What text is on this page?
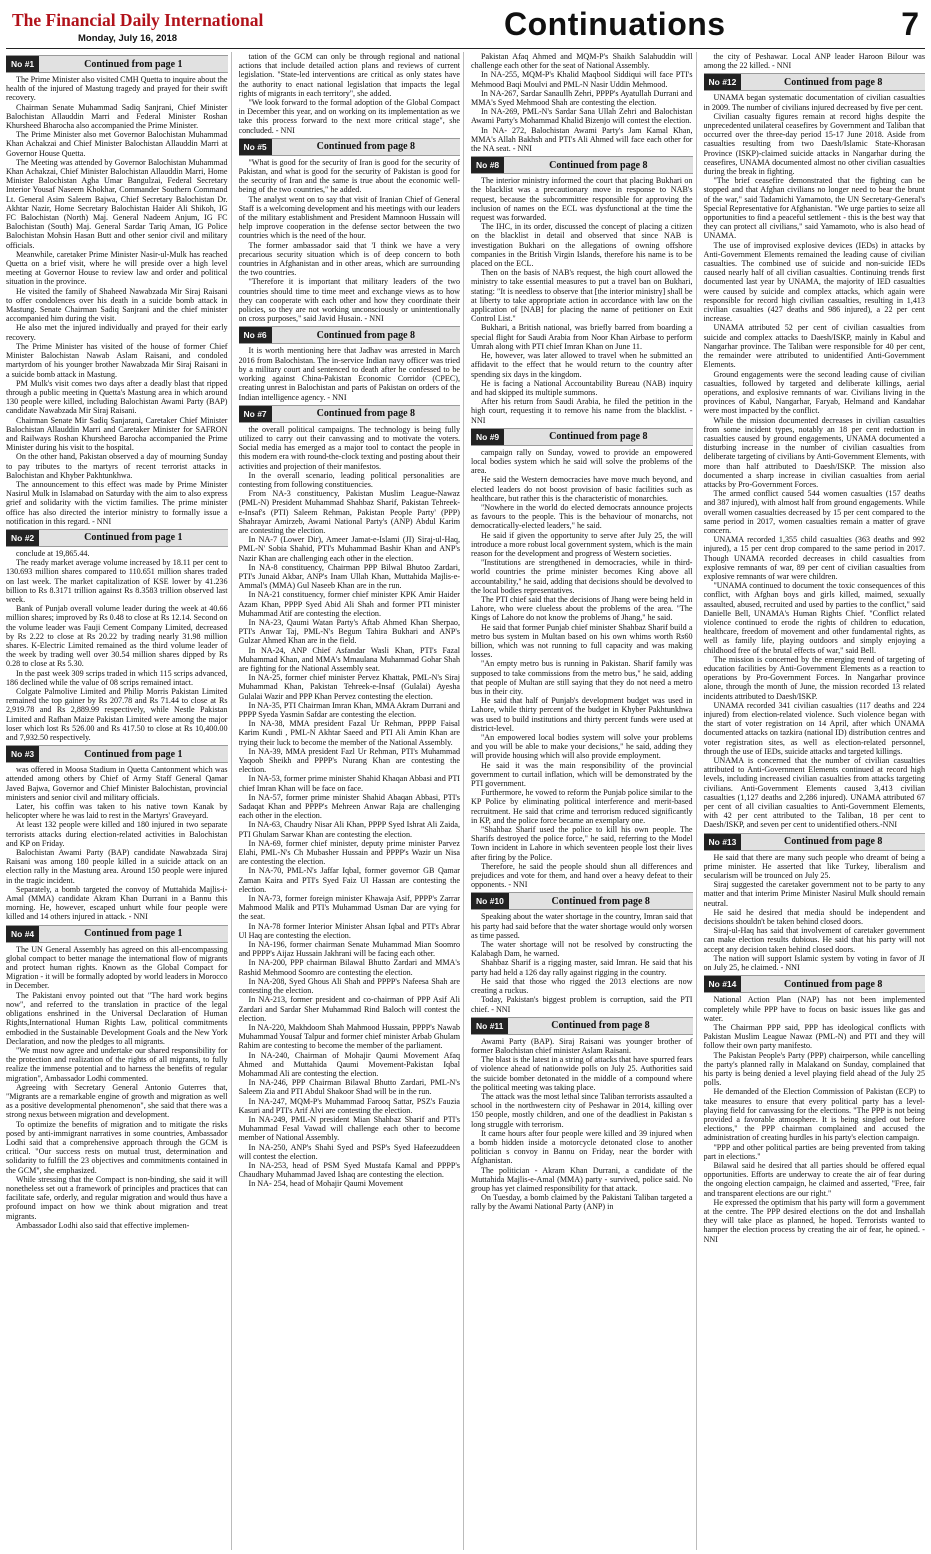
The Financial Daily International
Monday, July 16, 2018	Continuations	7
No #1	Continued from page 1

The Prime Minister also visited CMH Quetta to inquire about the health of the injured of Mastung tragedy and prayed for their swift recovery.

Chairman Senate Muhammad Sadiq Sanjrani, Chief Minister Balochistan Allauddin Marri and Federal Minister Roshan Khursheed Bharocha also accompanied the Prime Minister.

The Prime Minister also met Governor Balochistan Muhammad Khan Achakzai and Chief Minister Balochistan Allauddin Marri at Governor House Quetta.

The Meeting was attended by Governor Balochistan Muhammad Khan Achakzai, Chief Minister Balochistan Allauddin Marri, Home Minister Balochistan Agha Umar Bangulzai, Federal Secretary Interior Yousaf Naseem Khokhar, Commander Southern Command Lt. General Asim Saleem Bajwa, Chief Secretary Balochistan Dr. Akhtar Nazir, Home Secretary Balochistan Haider Ali Shikoh, IG FC Balochistan (North) Maj. General Nadeem Anjum, IG FC Balochistan (South) Maj. General Sardar Tariq Aman, IG Police Balochistan Mohsin Hasan Butt and other senior civil and military officials.

Meanwhile, caretaker Prime Minister Nasir-ul-Mulk has reached Quetta on a brief visit, where he will preside over a high level meeting at Governor House to review law and order and political situation in the province.

He visited the family of Shaheed Nawabzada Mir Siraj Raisani to offer condolences over his death in a suicide bomb attack in Mastung. Senate Chairman Sadiq Sanjrani and the chief minister accompanied him during the visit.

He also met the injured individually and prayed for their early recovery.

The Prime Minister has visited of the house of former Chief Minister Balochistan Nawab Aslam Raisani, and condoled martyrdom of his younger brother Nawabzada Mir Siraj Raisani in a suicide bomb attack in Mastung.

PM Mulk's visit comes two days after a deadly blast that ripped through a public meeting in Quetta's Mastung area in which around 130 people were killed, including Balochistan Awami Party (BAP) candidate Nawabzada Mir Siraj Raisani.

Chairman Senate Mir Sadiq Sanjarani, Caretaker Chief Minister Balochistan Allauddin Marri and Caretaker Minister for SAFRON and Railways Roshan Khursheed Barocha accompanied the Prime Minister during his visit to the hospital.

On the other hand, Pakistan observed a day of mourning Sunday to pay tributes to the martyrs of recent terrorist attacks in Balochistan and Khyber Pakhtunkhwa.

The announcement to this effect was made by Prime Minister Nasirul Mulk in Islamabad on Saturday with the aim to also express grief and solidarity with the victim families. The prime minister office has also directed the interior ministry to formally issue a notification in this regard. - NNI

No #2	Continued from page 1

conclude at 19,865.44.

The ready market average volume increased by 18.11 per cent to 130.693 million shares compared to 110.651 million shares traded on last week. The market capitalization of KSE lower by 41.236 billion to Rs 8.3171 trillion against Rs 8.3583 trillion observed last week.

Bank of Punjab overall volume leader during the week at 40.66 million shares; improved by Rs 0.48 to close at Rs 12.14. Second on the volume leader was Fauji Cement Company Limited, decreased by Rs 2.22 to close at Rs 20.22 by trading nearly 31.98 million shares. K-Electric Limited remained as the third volume leader of the week by trading well over 30.54 million shares dipped by Rs 0.28 to close at Rs 5.30.

In the past week 309 scrips traded in which 115 scrips advanced, 186 declined while the value of 08 scrips remained intact.

Colgate Palmolive Limited and Philip Morris Pakistan Limited remained the top gainer by Rs 207.78 and Rs 71.44 to close at Rs 2,919.78 and Rs 2,889.99 respectively, while Nestle Pakistan Limited and Rafhan Maize Pakistan Limited were among the major loser which lost Rs 526.00 and Rs 417.50 to close at Rs 10,400.00 and 7,932.50 respectively.

No #3	Continued from page 1

was offered in Moosa Stadium in Quetta Cantonment which was attended among others by Chief of Army Staff General Qamar Javed Bajwa, Governor and Chief Minister Balochistan, provincial ministers and senior civil and military officials.

Later, his coffin was taken to his native town Kanak by helicopter where he was laid to rest in the Martyrs' Graveyard.

At least 132 people were killed and 180 injured in two separate terrorists attacks during election-related activities in Balochistan and KP on Friday.

Balochistan Awami Party (BAP) candidate Nawabzada Siraj Raisani was among 180 people killed in a suicide attack on an election rally in the Mastung area. Around 150 people were injured in the tragic incident.

Separately, a bomb targeted the convoy of Muttahida Majlis-i-Amal (MMA) candidate Akram Khan Durrani in a Bannu this morning. He, however, escaped unhurt while four people were killed and 14 others injured in attack. - NNI

No #4	Continued from page 1

The UN General Assembly has agreed on this all-encompassing global compact to better manage the international flow of migrants and protect human rights. Known as the Global Compact for Migration - it will be formally adopted by world leaders in Morocco in December.

The Pakistani envoy pointed out that "The hard work begins now", and referred to the translation in practice of the legal obligations enshrined in the Universal Declaration of Human Rights,International Human Rights Law, political commitments embodied in the Sustainable Development Goals and the New York Declaration, and now the pledges to all migrants.

"We must now agree and undertake our shared responsibility for the protection and realization of the rights of all migrants, to fully realize the immense potential and to harness the benefits of regular migration", Ambassador Lodhi commented.

Agreeing with Secretary General Antonio Guterres that, "Migrants are a remarkable engine of growth and migration as well as a positive developmental phenomenon", she said that there was a strong nexus between migration and development.

To optimize the benefits of migration and to mitigate the risks posed by anti-immigrant narratives in some countries, Ambassador Lodhi said that a comprehensive approach through the GCM is critical. "Our success rests on mutual trust, determination and solidarity to fulfill the 23 objectives and commitments contained in the GCM", she emphasized.

While stressing that the Compact is non-binding, she said it will nonetheless set out a framework of principles and practices that can facilitate safe, orderly, and regular migration and would thus have a profound impact on how we think about migration and treat migrants.

Ambassador Lodhi also said that effective implemen-

tation of the GCM can only be through regional and national actions that include detailed action plans and reviews of current legislation. "State-led interventions are critical as only states have the authority to enact national legislation that impacts the legal rights of migrants in each territory", she added.

"We look forward to the formal adoption of the Global Compact in December this year, and on working on its implementation as we take this process forward to the next more critical stage", she concluded. - NNI

No #5	Continued from page 8

"What is good for the security of Iran is good for the security of Pakistan, and what is good for the security of Pakistan is good for the security of Iran and the same is true about the economic well-being of the two countries," he added.

The analyst went on to say that visit of Iranian Chief of General Staff is a welcoming development and his meetings with our leaders of the military establishment and President Mamnoon Hussain will help improve cooperation in the defense sector between the two countries which is the need of the hour.

The former ambassador said that 'I think we have a very precarious security situation which is of deep concern to both countries in Afghanistan and in other areas, which are surrounding the two countries.

"Therefore it is important that military leaders of the two countries should time to time meet and exchange views as to how they can cooperate with each other and how they coordinate their policies, so they are not working unconsciously or unintentionally on cross purposes," said Javid Husain. - NNI

No #6	Continued from page 8

It is worth mentioning here that Jadhav was arrested in March 2016 from Balochistan. The in-service Indian navy officer was tried by a military court and sentenced to death after he confessed to be working against China-Pakistan Economic Corridor (CPEC), creating unrest in Balochistan and parts of Pakistan on orders of the Indian intelligence agency. - NNI

No #7	Continued from page 8

the overall political campaigns. The technology is being fully utilized to carry out their canvassing and to motivate the voters. Social media has emerged as a major tool to contact the people in this modern era with round-the-clock texting and posting about their activities and projection of their manifestos.

In the overall scenario, leading political personalities are contesting from following constituencies.

From NA-3 constituency, Pakistan Muslim League-Nawaz (PML-N) President Muhammad Shahbaz Sharif, Pakistan Tehreek-e-Insaf's (PTI) Saleem Rehman, Pakistan People Party' (PPP) Shahrayar Amirzeb, Awami National Party's (ANP) Abdul Karim are contesting the election.

In NA-7 (Lower Dir), Ameer Jamat-e-Islami (JI) Siraj-ul-Haq, PML-N' Sobia Shahid, PTI's Muhammad Bashir Khan and ANP's Nazir Khan are challenging each other in the election.

In NA-8 constituency, Chairman PPP Bilwal Bhutoo Zardari, PTI's Junaid Akbar, ANP's Inam Ullah Khan, Muttahida Majlis-e-Ammal's (MMA) Gul Naseeb Khan are in the run.

In NA-21 constituency, former chief minister KPK Amir Haider Azam Khan, PPPP Syed Abid Ali Shah and former PTI minister Muhammad Atif are contesting the election.

In NA-23, Qaumi Watan Party's Aftab Ahmed Khan Sherpao, PTI's Anwar Taj, PML-N's Begum Tahira Bukhari and ANP's Gulzar Ahmed Khan are in the field.

In NA-24, ANP Chief Asfandar Wasli Khan, PTI's Fazal Muhammad Khan, and MMA's Mmaulana Muhammad Gohar Shah are fighting for the National Assembly seat.

In NA-25, former chief minister Pervez Khattak, PML-N's Siraj Muhammad Khan, Pakistan Tehreek-e-Insaf (Gulalai) Ayesha Gulalai Wazir and PPP Khan Pervez contesting the election.

In NA-35, PTI Chairman Imran Khan, MMA Akram Durrani and PPPP Syeda Yasmin Safdar are contesting the election.

In NA-38, MMA president Fazal Ur Rehman, PPPP Faisal Karim Kundi , PML-N Akhtar Saeed and PTI Ali Amin Khan are trying their luck to become the member of the National Assembly.

In NA-39, MMA president Fazl Ur Rehman, PTI's Muhammad Yaqoob Sheikh and PPPP's Nurang Khan are contesting the election.

In NA-53, former prime minister Shahid Khaqan Abbasi and PTI chief Imran Khan will be face on face.

In NA-57, former prime minister Shahid Abaqan Abbasi, PTI's Sadaqat Khan and PPPP's Mehreen Anwar Raja are challenging each other in the election.

In NA-63, Chaudry Nisar Ali Khan, PPPP Syed Ishrat Ali Zaida, PTI Ghulam Sarwar Khan are contesting the election.

In NA-69, former chief minister, deputy prime minister Parvez Elahi, PML-N's Ch Mubasher Hussain and PPPP's Wazir un Nisa are contesting the election.

In NA-70, PML-N's Jaffar Iqbal, former governor GB Qamar Zaman Kaira and PTI's Syed Faiz Ul Hassan are contesting the election.

In NA-73, former foreign minister Khawaja Asif, PPPP's Zarrar Mahmood Malik and PTI's Muhammad Usman Dar are vying for the seat.

In NA-78 former Interior Minister Ahsan Iqbal and PTI's Abrar Ul Haq are contesting the election.

In NA-196, former chairman Senate Muhammad Mian Soomro and PPPP's Aijaz Hussain Jakhrani will be facing each other.

In NA-200, PPP chairman Bilawal Bhutto Zardari and MMA's Rashid Mehmood Soomro are contesting the election.

In NA-208, Syed Ghous Ali Shah and PPPP's Nafeesa Shah are contesting the election.

In NA-213, former president and co-chairman of PPP Asif Ali Zardari and Sardar Sher Muhammad Rind Baloch will contest the election.

In NA-220, Makhdoom Shah Mahmood Hussain, PPPP's Nawab Muhammad Yousaf Talpur and former chief minister Arbab Ghulam Rahim are contesting to become the member of the parliament.

In NA-240, Chairman of Mohajir Qaumi Movement Afaq Ahmed and Muttahida Qaumi Movement-Pakistan Iqbal Mohammad Ali are contesting the election.

In NA-246, PPP Chairman Bilawal Bhutto Zardari, PML-N's Saleem Zia and PTI Abdul Shakoor Shad will be in the run.

In NA-247, MQM-P's Muhammad Farooq Sattar, PSZ's Fauzia Kasuri and PTI's Arif Alvi are contesting the election.

In NA-249, PML-N president Mian Shahbaz Sharif and PTI's Muhammad Fesal Vawad will challenge each other to become member of National Assembly.

In NA-250, ANP's Shahi Syed and PSP's Syed Hafeezuddeen will contest the election.

In NA-253, head of PSM Syed Mustafa Kamal and PPPP's Chaudhary Muhammad Javed Ishaq are contesting the election.

In NA- 254, head of Mohajir Qaumi Movement

Pakistan Afaq Ahmed and MQM-P's Shaikh Salahuddin will challenge each other for the seat of National Assembly.

In NA-255, MQM-P's Khalid Maqbool Siddiqui will face PTI's Mehmood Baqi Moulvi and PML-N Nasir Uddin Mehmood.

In NA-267, Sardar Sanaullh Zehri, PPPP's Ayatullah Durrani and MMA's Syed Mehmood Shah are contesting the election.

In NA-269, PML-N's Sardar Sana Ullah Zehri and Balochistan Awami Party's Mohammad Khalid Bizenjo will contest the election.

In NA- 272, Balochistan Awami Party's Jam Kamal Khan, MMA's Allah Bakhsh and PTI's Ali Ahmed will face each other for the NA seat. - NNI

No #8	Continued from page 8

The interior ministry informed the court that placing Bukhari on the blacklist was a precautionary move in response to NAB's request, because the subcommittee responsible for approving the inclusion of names on the ECL was dysfunctional at the time the request was forwarded.

The IHC, in its order, discussed the concept of placing a citizen on the blacklist in detail and observed that since NAB is investigation Bukhari on the allegations of owning offshore companies in the British Virgin Islands, therefore his name is to be placed on the ECL.

Then on the basis of NAB's request, the high court allowed the ministry to take essential measures to put a travel ban on Bukhari, stating: "It is needless to observe that [the interior ministry] shall be at liberty to take appropriate action in accordance with law on the application of [NAB] for placing the name of petitioner on Exit Control List."

Bukhari, a British national, was briefly barred from boarding a special flight for Saudi Arabia from Noor Khan Airbase to perform Umrah along with PTI chief Imran Khan on June 11.

He, however, was later allowed to travel when he submitted an affidavit to the effect that he would return to the country after spending six days in the kingdom.

He is facing a National Accountability Bureau (NAB) inquiry and had skipped its multiple summons.

After his return from Saudi Arabia, he filed the petition in the high court, requesting it to remove his name from the blacklist. - NNI

No #9	Continued from page 8

campaign rally on Sunday, vowed to provide an empowered local bodies system which he said will solve the problems of the area.

He said the Western democracies have move much beyond, and elected leaders do not boost provision of basic facilities such as healthcare, but rather this is the characteristic of monarchies.

"Nowhere in the world do elected democrats announce projects as favours to the people. This is the behaviour of monarchs, not democratically-elected leaders," he said.

He said if given the opportunity to serve after July 25, the will introduce a more robust local government system, which is the main reason for the development and progress of Western societies.

"Institutions are strengthened in democracies, while in third-world countries the prime minister becomes King above all accountability," he said, adding that decisions should be devolved to the local bodies representatives.

The PTI chief said that the decisions of Jhang were being held in Lahore, who were clueless about the problems of the area. "The Kings of Lahore do not know the problems of Jhang," he said.

He said that former Punjab chief minister Shahbaz Sharif build a metro bus system in Multan based on his own whims worth Rs60 billion, which was not running to full capacity and was making losses.

"An empty metro bus is running in Pakistan. Sharif family was supposed to take commissions from the metro bus," he said, adding that people of Multan are still saying that they do not need a metro bus in their city.

He said that half of Punjab's development budget was used in Lahore, while thirty percent of the budget in Khyber Pakhtunkhwa was used to build institutions and thirty percent funds were used at district-level.

"An empowered local bodies system will solve your problems and you will be able to make your decisions," he said, adding they will provide housing which will also provide employment.

He said it was the main responsibility of the provincial government to curtail inflation, which will be demonstrated by the PTI government.

Furthermore, he vowed to reform the Punjab police similar to the KP Police by eliminating political interference and merit-based recruitment. He said that crime and terrorism reduced significantly in KP, and the police force became an exemplary one.

"Shahbaz Sharif used the police to kill his own people. The Sharifs destroyed the police force," he said, referring to the Model Town incident in Lahore in which seventeen people lost their lives after firing by the Police.

Therefore, he said the people should shun all differences and prejudices and vote for them, and hand over a heavy defeat to their opponents. - NNI

No #10	Continued from page 8

Speaking about the water shortage in the country, Imran said that his party had said before that the water shortage would only worsen as time passed.

The water shortage will not be resolved by constructing the Kalabagh Dam, he warned.

Shahbaz Sharif is a rigging master, said Imran. He said that his party had held a 126 day rally against rigging in the country.

He said that those who rigged the 2013 elections are now creating a ruckus.

Today, Pakistan's biggest problem is corruption, said the PTI chief. - NNI

No #11	Continued from page 8

Awami Party (BAP). Siraj Raisani was younger brother of former Balochistan chief minister Aslam Raisani.

The blast is the latest in a string of attacks that have spurred fears of violence ahead of nationwide polls on July 25. Authorities said the suicide bomber detonated in the middle of a compound where the political meeting was taking place.

The attack was the most lethal since Taliban terrorists assaulted a school in the northwestern city of Peshawar in 2014, killing over 150 people, mostly children, and one of the deadliest in Pakistan s long struggle with terrorism.

It came hours after four people were killed and 39 injured when a bomb hidden inside a motorcycle detonated close to another politician s convoy in Bannu on Friday, near the border with Afghanistan.

The politician - Akram Khan Durrani, a candidate of the Muttahida Majlis-e-Amal (MMA) party - survived, police said. No group has yet claimed responsibility for that attack.

On Tuesday, a bomb claimed by the Pakistani Taliban targeted a rally by the Awami National Party (ANP) in

the city of Peshawar. Local ANP leader Haroon Bilour was among the 22 killed. - NNI

No #12	Continued from page 8

UNAMA began systematic documentation of civilian casualties in 2009. The number of civilians injured decreased by five per cent.

Civilian casualty figures remain at record highs despite the unprecedented unilateral ceasefires by Government and Taliban that occurred over the three-day period 15-17 June 2018. Aside from casualties resulting from two Daesh/Islamic State-Khorasan Province (ISKP)-claimed suicide attacks in Nangarhar during the ceasefires, UNAMA documented almost no other civilian casualties during the break in fighting.

"The brief ceasefire demonstrated that the fighting can be stopped and that Afghan civilians no longer need to bear the brunt of the war," said Tadamichi Yamamoto, the UN Secretary-General's Special Representative for Afghanistan. "We urge parties to seize all opportunities to find a peaceful settlement - this is the best way that they can protect all civilians," said Yamamoto, who is also head of UNAMA.

The use of improvised explosive devices (IEDs) in attacks by Anti-Government Elements remained the leading cause of civilian casualties. The combined use of suicide and non-suicide IEDs caused nearly half of all civilian casualties. Continuing trends first documented last year by UNAMA, the majority of IED casualties were caused by suicide and complex attacks, which again were responsible for record high civilian casualties, resulting in 1,413 civilian casualties (427 deaths and 986 injured), a 22 per cent increase.

UNAMA attributed 52 per cent of civilian casualties from suicide and complex attacks to Daesh/ISKP, mainly in Kabul and Nangarhar province. The Taliban were responsible for 40 per cent, the remainder were attributed to unidentified Anti-Government Elements.

Ground engagements were the second leading cause of civilian casualties, followed by targeted and deliberate killings, aerial operations, and explosive remnants of war. Civilians living in the provinces of Kabul, Nangarhar, Faryab, Helmand and Kandahar were most impacted by the conflict.

While the mission documented decreases in civilian casualties from some incident types, notably an 18 per cent reduction in casualties caused by ground engagements, UNAMA documented a disturbing increase in the number of civilian casualties from deliberate targeting of civilians by Anti-Government Elements, with more than half attributed to Daesh/ISKP. The mission also documented a sharp increase in civilian casualties from aerial attacks by Pro-Government Forces.

The armed conflict caused 544 women casualties (157 deaths and 387 injured), with almost half from ground engagements. While overall women casualties decreased by 15 per cent compared to the same period in 2017, women casualties remain a matter of grave concern.

UNAMA recorded 1,355 child casualties (363 deaths and 992 injured), a 15 per cent drop compared to the same period in 2017. Though UNAMA recorded decreases in child casualties from explosive remnants of war, 89 per cent of civilian casualties from explosive remnants of war were children.

"UNAMA continued to document the toxic consequences of this conflict, with Afghan boys and girls killed, maimed, sexually assaulted, abused, recruited and used by parties to the conflict," said Danielle Bell, UNAMA's Human Rights Chief. "Conflict related violence continued to erode the rights of children to education, healthcare, freedom of movement and other fundamental rights, as well as family life, playing outdoors and simply enjoying a childhood free of the brutal effects of war," said Bell.

The mission is concerned by the emerging trend of targeting of education facilities by Anti-Government Elements as a reaction to operations by Pro-Government Forces. In Nangarhar province alone, through the month of June, the mission recorded 13 related incidents attributed to Daesh/ISKP.

UNAMA recorded 341 civilian casualties (117 deaths and 224 injured) from election-related violence. Such violence began with the start of voter registration on 14 April, after which UNAMA documented attacks on tazkira (national ID) distribution centres and voter registration sites, as well as election-related personnel, through the use of IEDs, suicide attacks and targeted killings.

UNAMA is concerned that the number of civilian casualties attributed to Anti-Government Elements continued at record high levels, including increased civilian casualties from attacks targeting civilians. Anti-Government Elements caused 3,413 civilian casualties (1,127 deaths and 2,286 injured). UNAMA attributed 67 per cent of all civilian casualties to Anti-Government Elements, with 42 per cent attributed to the Taliban, 18 per cent to Daesh/ISKP, and seven per cent to unidentified others.-NNI

No #13	Continued from page 8

He said that there are many such people who dreamt of being a prime minister. He asserted that like Turkey, liberalism and secularism will be trounced on July 25.

Siraj suggested the caretaker government not to be party to any matter and that interim Prime Minister Nasirul Mulk should remain neutral.

He said he desired that media should be independent and decisions shouldn't be taken behind closed doors.

Siraj-ul-Haq has said that involvement of caretaker government can make election results dubious. He said that his party will not accept any decision taken behind closed doors.

The nation will support Islamic system by voting in favor of JI on July 25, he claimed. - NNI

No #14	Continued from page 8

National Action Plan (NAP) has not been implemented completely while PPP have to focus on basic issues like gas and water.

The Chairman PPP said, PPP has ideological conflicts with Pakistan Muslim League Nawaz (PML-N) and PTI and they will follow their own party manifesto.

The Pakistan People's Party (PPP) chairperson, while cancelling the party's planned rally in Malakand on Sunday, complained that his party is being denied a level playing field ahead of the July 25 polls.

He demanded of the Election Commission of Pakistan (ECP) to take measures to ensure that every political party has a level-playing field for canvassing for the elections. "The PPP is not being provided a favorable atmosphere. It is being singled out before elections," the PPP chairman complained and accused the administration of creating hurdles in his party's election campaign.

"PPP and other political parties are being prevented from taking part in elections."

Bilawal said he desired that all parties should be offered equal opportunities. Efforts are underway to create the air of fear during the ongoing election campaign, he claimed and asserted, "Free, fair and transparent elections are our right."

He expressed the optimism that his party will form a government at the centre. The PPP desired elections on the dot and Inshallah they will take place as planned, he hoped. Terrorists wanted to hamper the election process by creating the air of fear, he opined. - NNI
